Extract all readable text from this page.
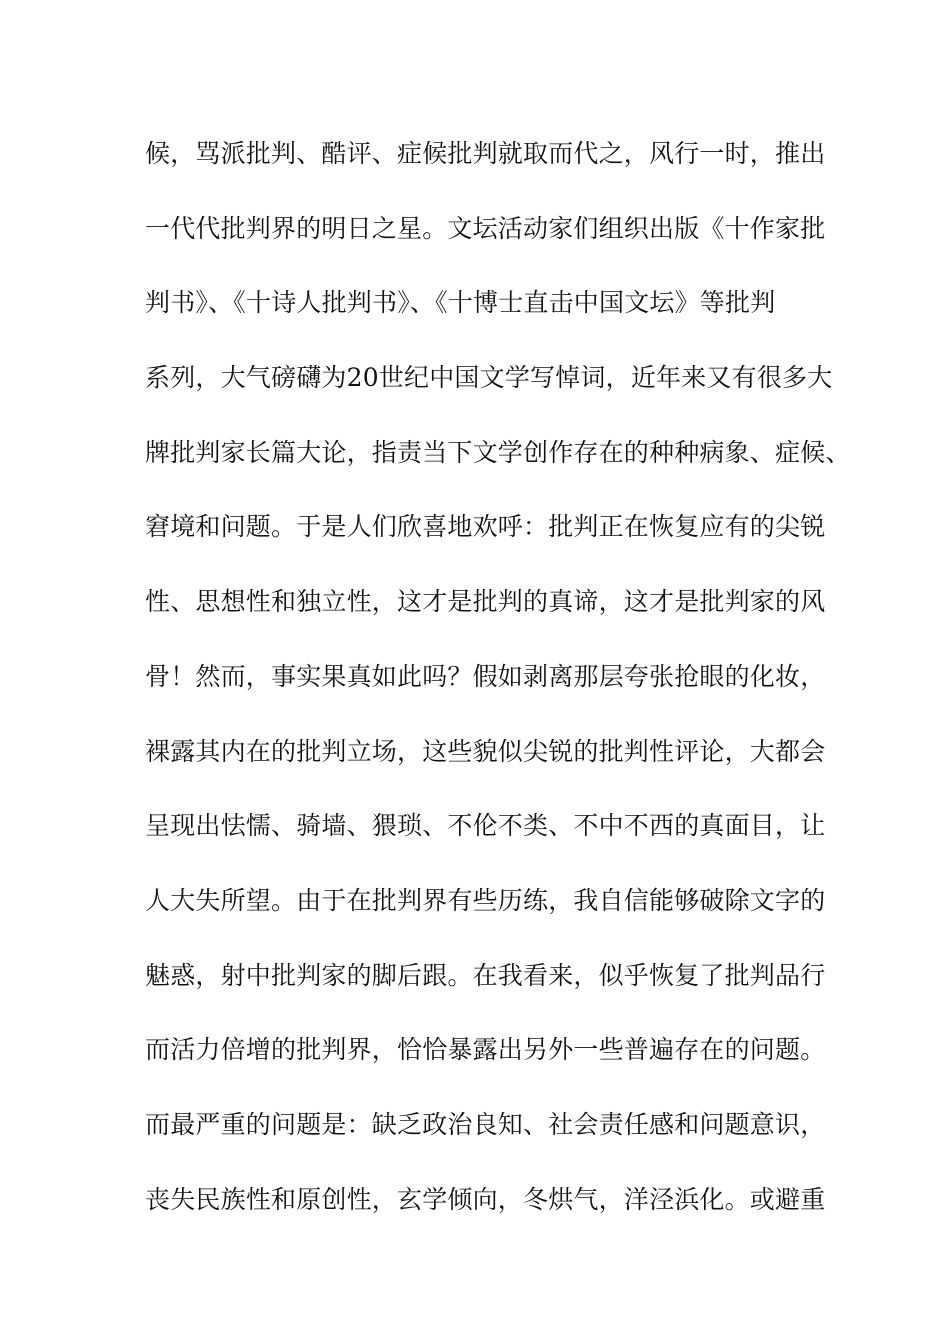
候，骂派批判、酷评、症候批判就取而代之，风行一时，推出
一代代批判界的明日之星。文坛活动家们组织出版《十作家批
判书》、《十诗人批判书》、《十博士直击中国文坛》等批判
系列，大气磅礴为20世纪中国文学写悼词，近年来又有很多大
牌批判家长篇大论，指责当下文学创作存在的种种病象、症候、
窘境和问题。于是人们欣喜地欢呼：批判正在恢复应有的尖锐
性、思想性和独立性，这才是批判的真谛，这才是批判家的风
骨！然而，事实果真如此吗？假如剥离那层夸张抢眼的化妆，
裸露其内在的批判立场，这些貌似尖锐的批判性评论，大都会
呈现出怯懦、骑墙、猥琐、不伦不类、不中不西的真面目，让
人大失所望。由于在批判界有些历练，我自信能够破除文字的
魅惑，射中批判家的脚后跟。在我看来，似乎恢复了批判品行
而活力倍增的批判界，恰恰暴露出另外一些普遍存在的问题。
而最严重的问题是：缺乏政治良知、社会责任感和问题意识，
丧失民族性和原创性，玄学倾向，冬烘气，洋泾浜化。或避重
